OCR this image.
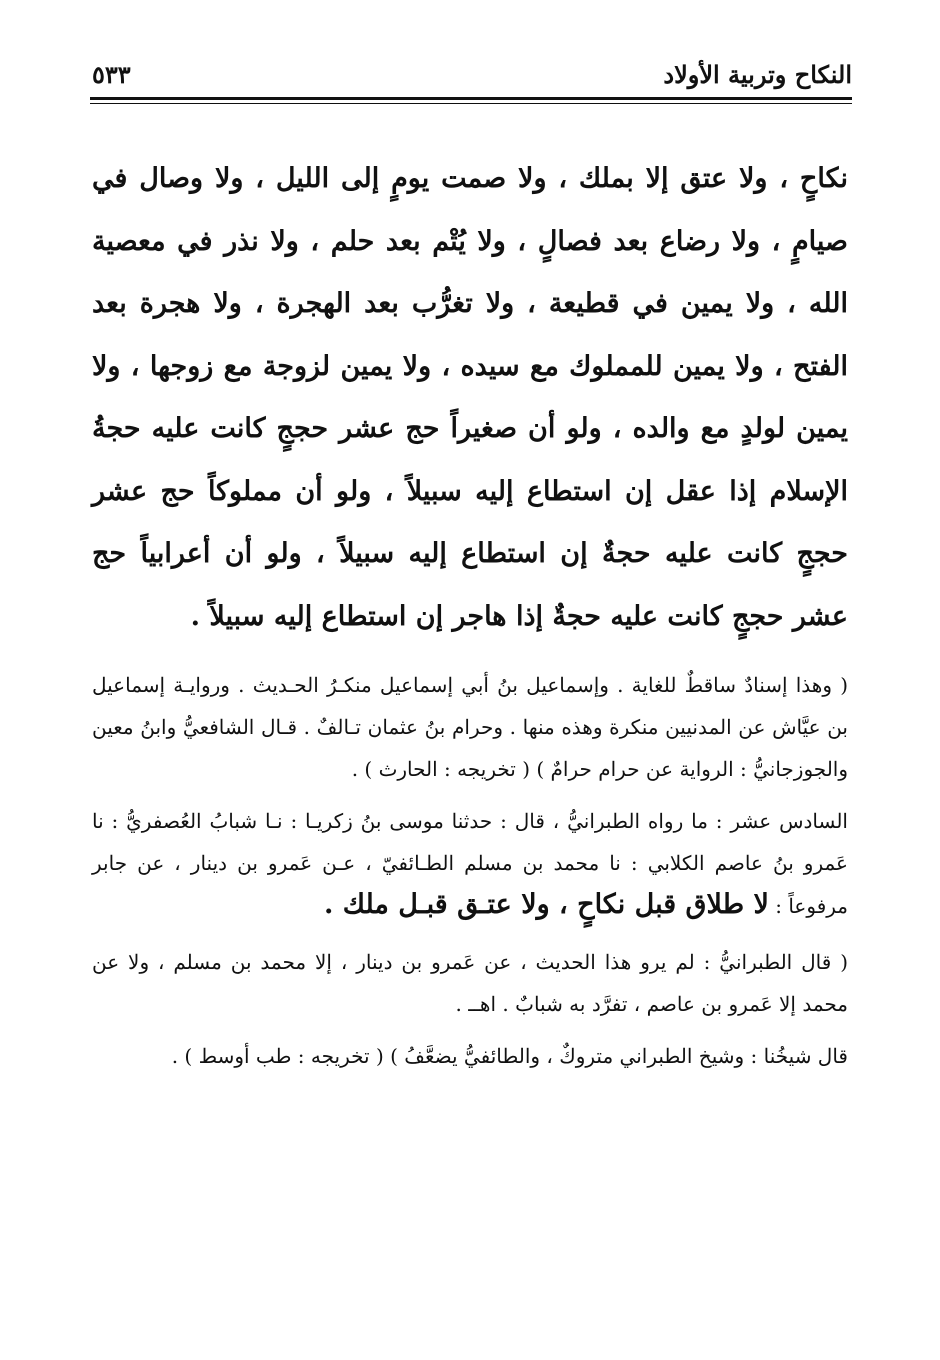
النكاح وتربية الأولاد
٥٣٣

نكاحٍ ، ولا عتق إلا بملك ، ولا صمت يومٍ إلى الليل ، ولا وصال في صيامٍ ، ولا رضاع بعد فصالٍ ، ولا يُتْم بعد حلم ، ولا نذر في معصية الله ، ولا يمين في قطيعة ، ولا تغرُّب بعد الهجرة ، ولا هجرة بعد الفتح ، ولا يمين للمملوك مع سيده ، ولا يمين لزوجة مع زوجها ، ولا يمين لولدٍ مع والده ، ولو أن صغيراً حج عشر حججٍ كانت عليه حجةُ الإسلام إذا عقل إن استطاع إليه سبيلاً ، ولو أن مملوكاً حج عشر حججٍ كانت عليه حجةٌ إن استطاع إليه سبيلاً ، ولو أن أعرابياً حج عشر حججٍ كانت عليه حجةٌ إذا هاجر إن استطاع إليه سبيلاً .

( وهذا إسنادٌ ساقطٌ للغاية . وإسماعيل بنُ أبي إسماعيل منكـرُ الحـديث . وروايـة إسماعيل بن عيَّاش عن المدنيين منكرة وهذه منها . وحرام بنُ عثمان تـالفٌ . قـال الشافعيُّ وابنُ معين والجوزجانيُّ : الرواية عن حرام حرامٌ ) ( تخريجه : الحارث ) .

السادس عشر : ما رواه الطبرانيُّ ، قال : حدثنا موسى بنُ زكريـا : نـا شبابُ العُصفريُّ : نا عَمرو بنُ عاصم الكلابي : نا محمد بن مسلم الطـائفيّ ، عـن عَمرو بن دينار ، عن جابر مرفوعاً : لا طلاق قبل نكاحٍ ، ولا عتـق قبـل ملك .

( قال الطبرانيُّ : لم يرو هذا الحديث ، عن عَمرو بن دينار ، إلا محمد بن مسلم ، ولا عن محمد إلا عَمرو بن عاصم ، تفرَّد به شبابٌ . اهــ .

قال شيخُنا : وشيخ الطبراني متروكٌ ، والطائفيُّ يضعَّفُ ) ( تخريجه : طب أوسط ) .
